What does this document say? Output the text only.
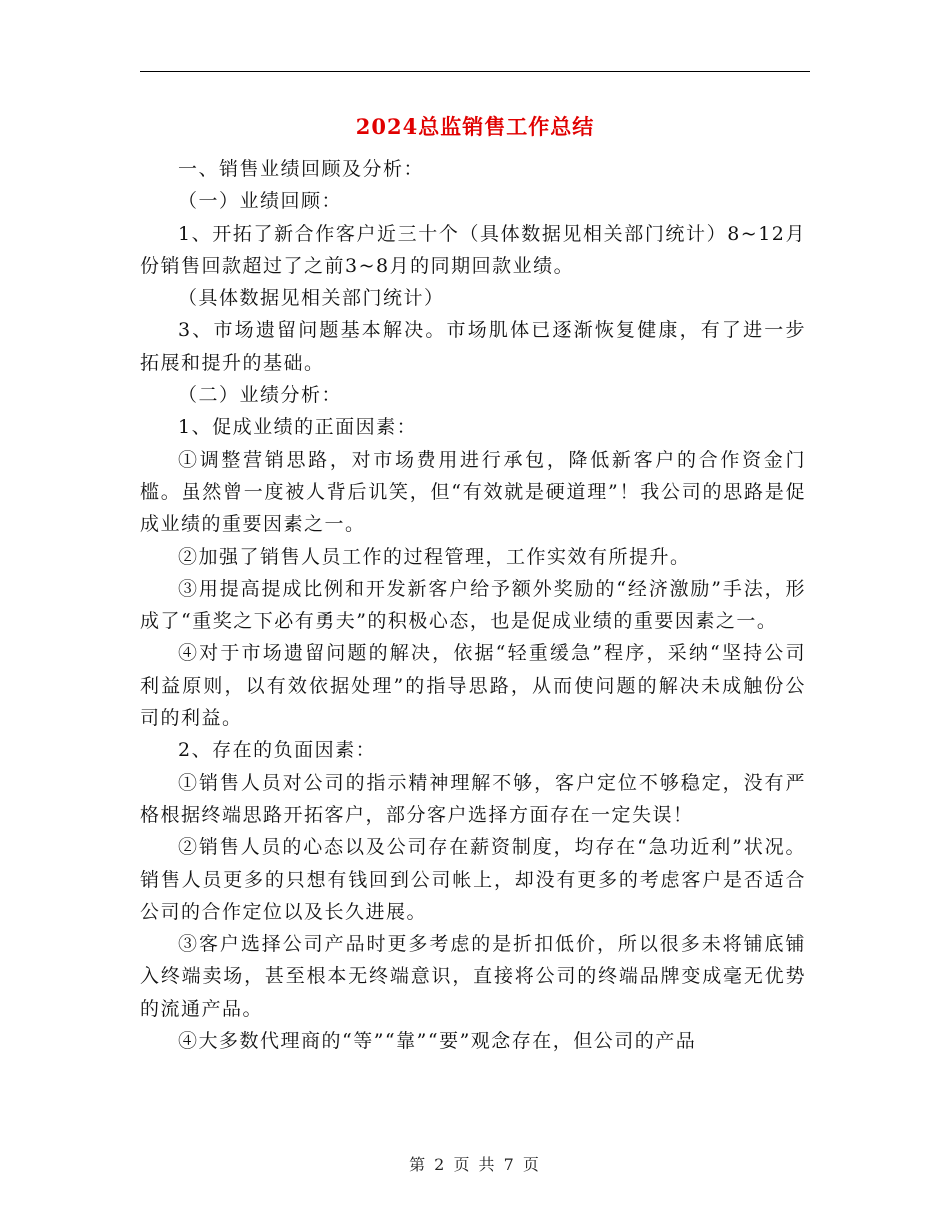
2024总监销售工作总结

一、销售业绩回顾及分析：

（一）业绩回顾：

1、开拓了新合作客户近三十个（具体数据见相关部门统计）8~12月份销售回款超过了之前3~8月的同期回款业绩。

（具体数据见相关部门统计）

3、市场遗留问题基本解决。市场肌体已逐渐恢复健康，有了进一步拓展和提升的基础。

（二）业绩分析：

1、促成业绩的正面因素：

①调整营销思路，对市场费用进行承包，降低新客户的合作资金门槛。虽然曾一度被人背后讥笑，但“有效就是硬道理”！我公司的思路是促成业绩的重要因素之一。

②加强了销售人员工作的过程管理，工作实效有所提升。

③用提高提成比例和开发新客户给予额外奖励的“经济激励”手法，形成了“重奖之下必有勇夫”的积极心态，也是促成业绩的重要因素之一。

④对于市场遗留问题的解决，依据“轻重缓急”程序，采纳“坚持公司利益原则，以有效依据处理”的指导思路，从而使问题的解决未成触份公司的利益。

2、存在的负面因素：

①销售人员对公司的指示精神理解不够，客户定位不够稳定，没有严格根据终端思路开拓客户，部分客户选择方面存在一定失误！

②销售人员的心态以及公司存在薪资制度，均存在“急功近利”状况。销售人员更多的只想有钱回到公司帐上，却没有更多的考虑客户是否适合公司的合作定位以及长久进展。

③客户选择公司产品时更多考虑的是折扣低价，所以很多未将铺底铺入终端卖场，甚至根本无终端意识，直接将公司的终端品牌变成毫无优势的流通产品。

④大多数代理商的“等”“靠”“要”观念存在，但公司的产品

第 2 页 共 7 页
